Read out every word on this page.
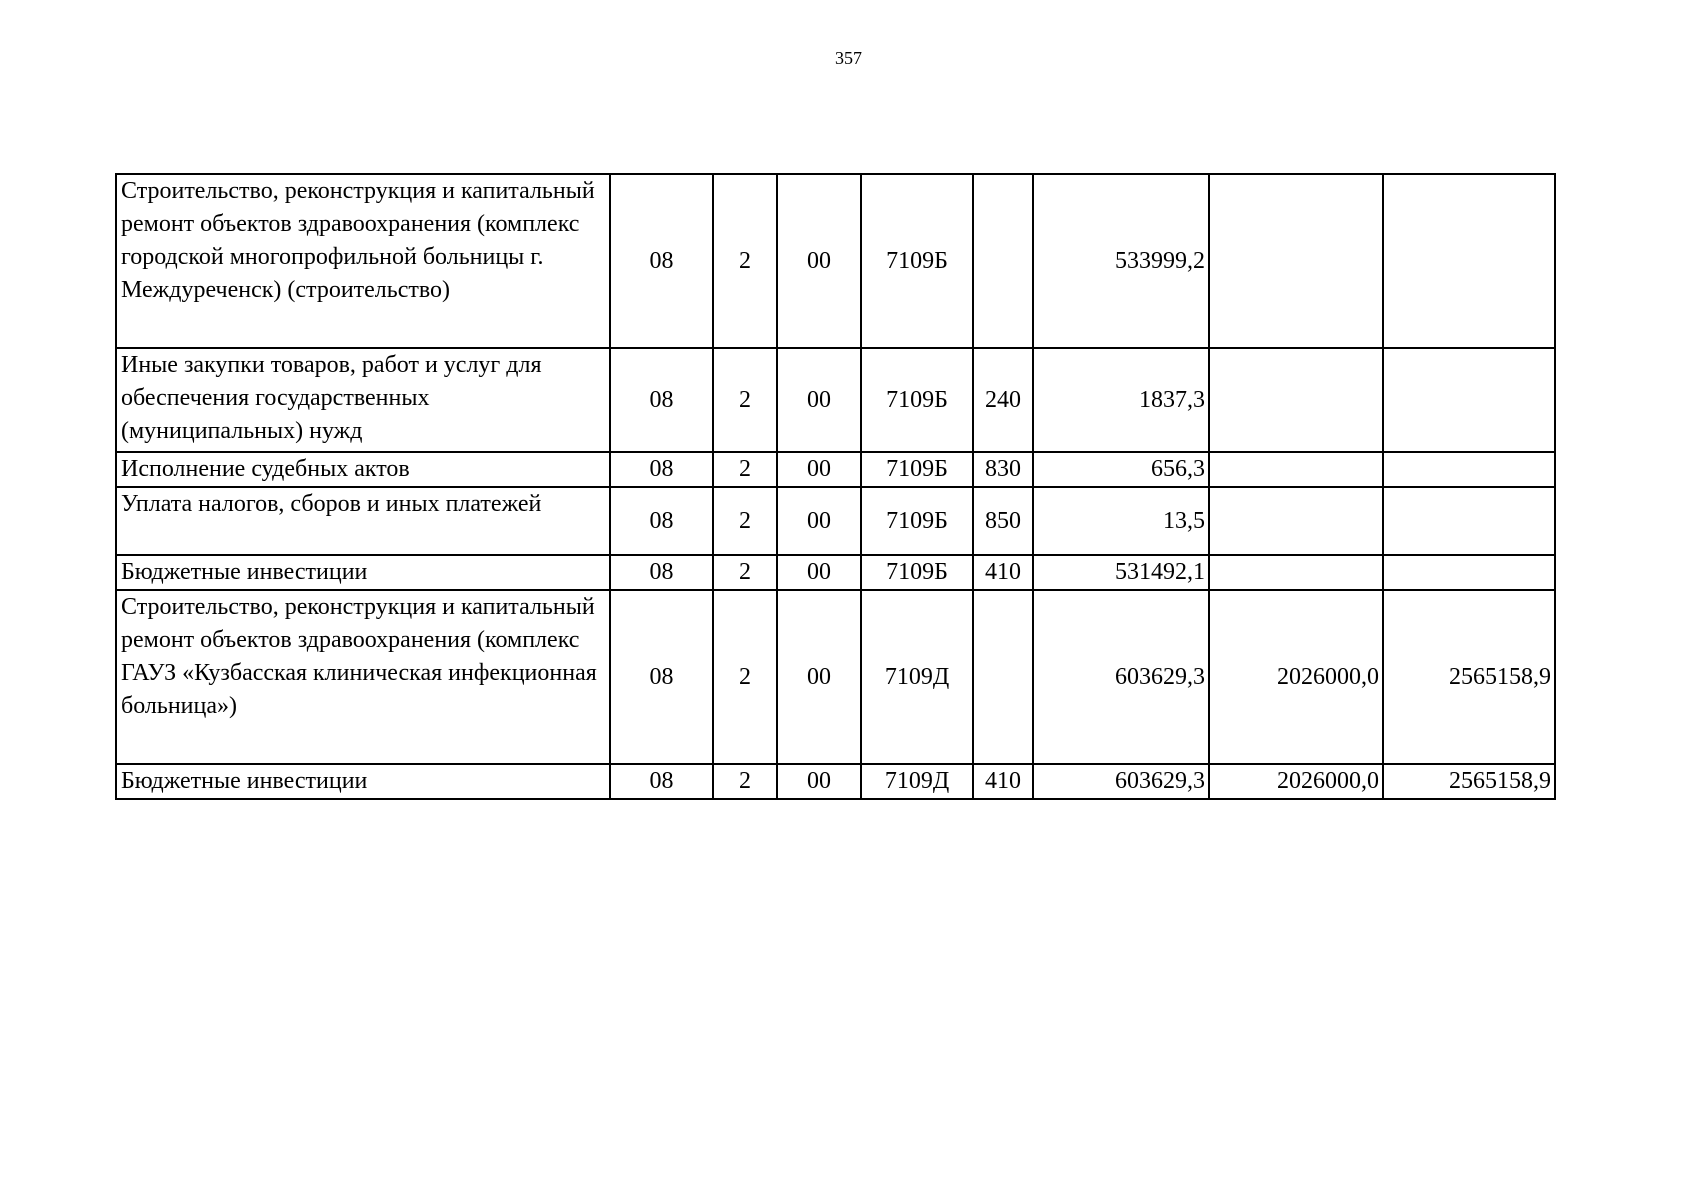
357
Строительство, реконструкция и капитальный ремонт объектов здравоохранения (комплекс городской многопрофильной больницы г. Междуреченск) (строительство)	08	2	00	7109Б		533999,2		
Иные закупки товаров, работ и услуг для обеспечения государственных (муниципальных) нужд	08	2	00	7109Б	240	1837,3		
Исполнение судебных актов	08	2	00	7109Б	830	656,3		
Уплата налогов, сборов и иных платежей	08	2	00	7109Б	850	13,5		
Бюджетные инвестиции	08	2	00	7109Б	410	531492,1		
Строительство, реконструкция и капитальный ремонт объектов здравоохранения (комплекс ГАУЗ «Кузбасская клиническая инфекционная больница»)	08	2	00	7109Д		603629,3	2026000,0	2565158,9
Бюджетные инвестиции	08	2	00	7109Д	410	603629,3	2026000,0	2565158,9
